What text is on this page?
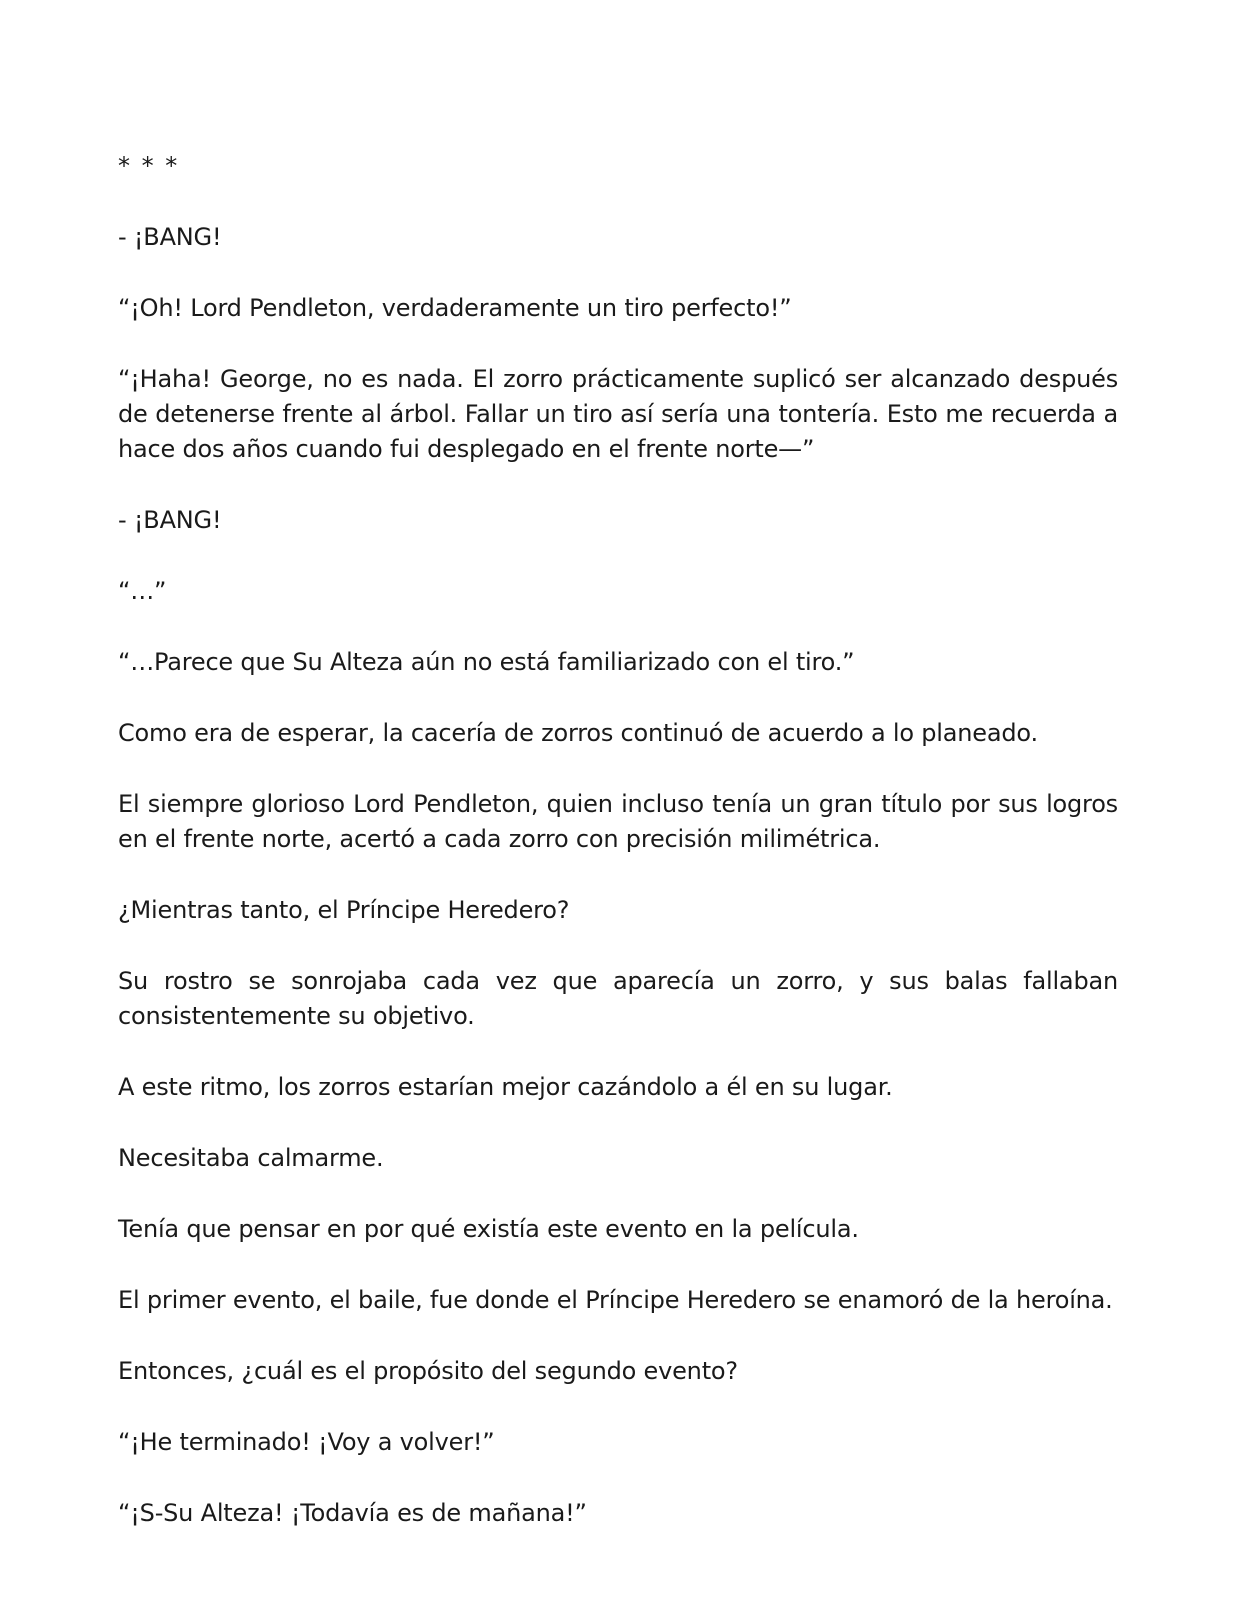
* * *

- ¡BANG!

“¡Oh! Lord Pendleton, verdaderamente un tiro perfecto!”

“¡Haha! George, no es nada. El zorro prácticamente suplicó ser alcanzado después de detenerse frente al árbol. Fallar un tiro así sería una tontería. Esto me recuerda a hace dos años cuando fui desplegado en el frente norte—”

- ¡BANG!

“…”

“…Parece que Su Alteza aún no está familiarizado con el tiro.”

Como era de esperar, la cacería de zorros continuó de acuerdo a lo planeado.

El siempre glorioso Lord Pendleton, quien incluso tenía un gran título por sus logros en el frente norte, acertó a cada zorro con precisión milimétrica.

¿Mientras tanto, el Príncipe Heredero?

Su rostro se sonrojaba cada vez que aparecía un zorro, y sus balas fallaban consistentemente su objetivo.

A este ritmo, los zorros estarían mejor cazándolo a él en su lugar.

Necesitaba calmarme.

Tenía que pensar en por qué existía este evento en la película.

El primer evento, el baile, fue donde el Príncipe Heredero se enamoró de la heroína.

Entonces, ¿cuál es el propósito del segundo evento?

“¡He terminado! ¡Voy a volver!”

“¡S-Su Alteza! ¡Todavía es de mañana!”
